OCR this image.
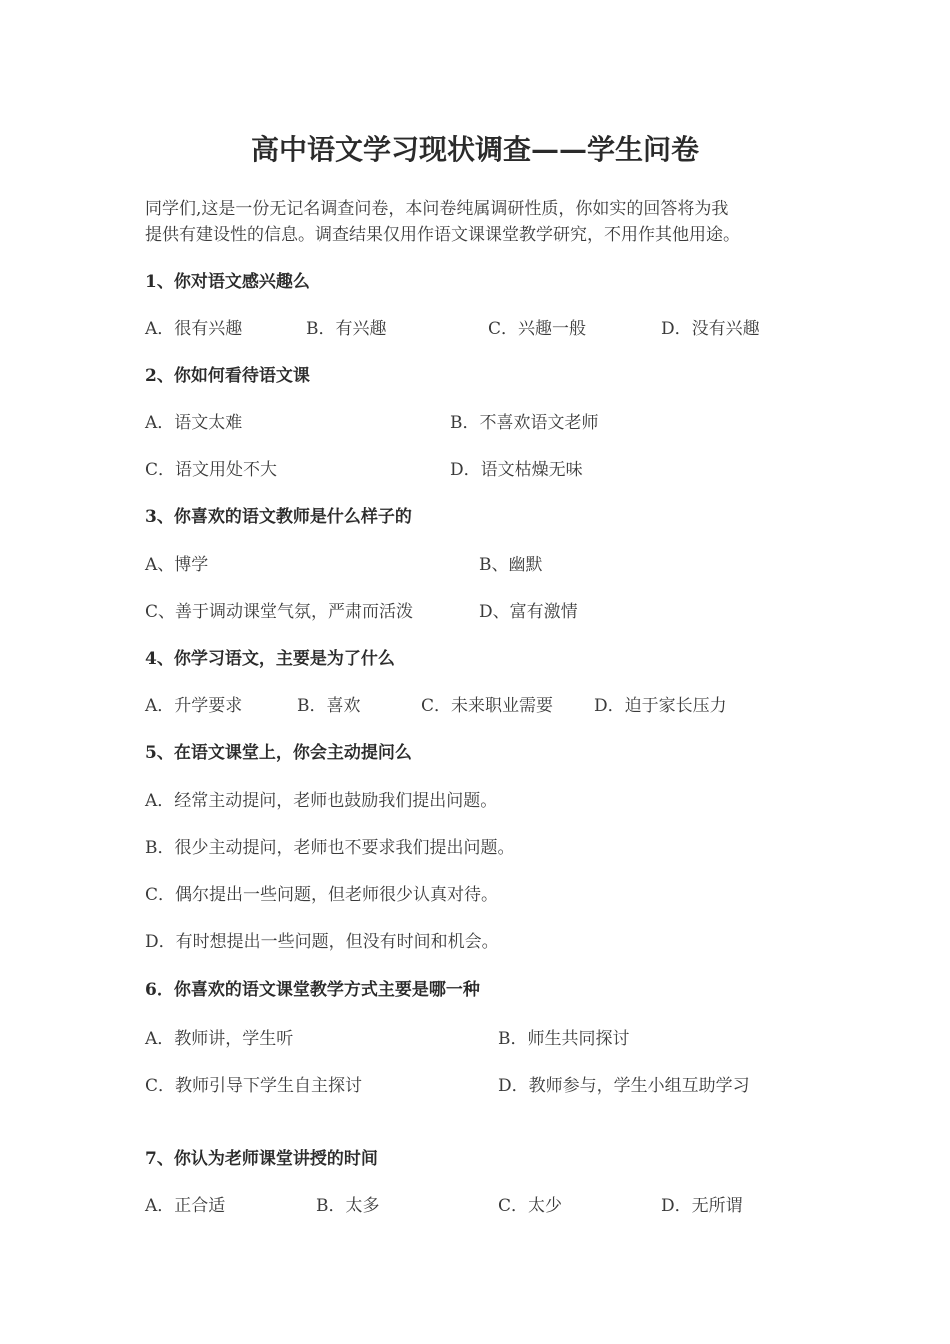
高中语文学习现状调查——学生问卷

同学们,这是一份无记名调查问卷，本问卷纯属调研性质，你如实的回答将为我

提供有建设性的信息。调查结果仅用作语文课课堂教学研究，不用作其他用途。

1、你对语文感兴趣么
A．很有兴趣	B．有兴趣	C．兴趣一般	D．没有兴趣
2、你如何看待语文课
A．语文太难	B．不喜欢语文老师
C．语文用处不大	D．语文枯燥无味
3、你喜欢的语文教师是什么样子的
A、博学	B、幽默
C、善于调动课堂气氛，严肃而活泼	D、富有激情
4、你学习语文，主要是为了什么
A．升学要求	B．喜欢	C．未来职业需要 D．迫于家长压力
5、在语文课堂上，你会主动提问么
A．经常主动提问，老师也鼓励我们提出问题。
B．很少主动提问，老师也不要求我们提出问题。
C．偶尔提出一些问题，但老师很少认真对待。
D．有时想提出一些问题，但没有时间和机会。
6．你喜欢的语文课堂教学方式主要是哪一种
A．教师讲，学生听	B．师生共同探讨
C．教师引导下学生自主探讨	D．教师参与，学生小组互助学习
7、你认为老师课堂讲授的时间
A．正合适	B．太多	C．太少	D．无所谓
